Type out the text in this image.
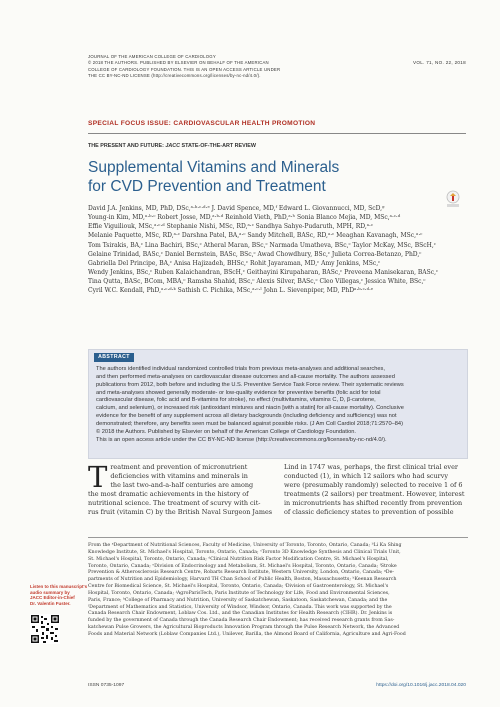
JOURNAL OF THE AMERICAN COLLEGE OF CARDIOLOGY
© 2018 THE AUTHORS. PUBLISHED BY ELSEVIER ON BEHALF OF THE AMERICAN
COLLEGE OF CARDIOLOGY FOUNDATION. THIS IS AN OPEN ACCESS ARTICLE UNDER
THE CC BY-NC-ND LICENSE (http://creativecommons.org/licenses/by-nc-nd/4.0/).
VOL. 71, NO. 22, 2018
SPECIAL FOCUS ISSUE: CARDIOVASCULAR HEALTH PROMOTION
THE PRESENT AND FUTURE: JACC STATE-OF-THE-ART REVIEW
Supplemental Vitamins and Minerals
for CVD Prevention and Treatment
David J.A. Jenkins, MD, PhD, DSc,ᵃ·ᵇ·ᶜ·ᵈ·ᵉ J. David Spence, MD,ᶠ Edward L. Giovannucci, MD, ScD,ᵍ
Young-in Kim, MD,ᵃ·ᵇ·ᶜ Robert Josse, MD,ᵃ·ᵇ·ᵈ Reinhold Vieth, PhD,ᵃ·ʰ Sonia Blanco Mejia, MD, MSc,ᵃ·ᶜ·ᵈ
Effie Viguiliouk, MSc,ᵃ·ᶜ·ᵈ Stephanie Nishi, MSc, RD,ᵃ·ᶜ Sandhya Sahye-Pudaruth, MPH, RD,ᵃ·ᶜ
Melanie Paquette, MSc, RD,ᵃ·ᶜ Darshna Patel, BA,ᵃ·ᶜ Sandy Mitchell, BASc, RD,ᵃ·ᶜ Meaghan Kavanagh, MSc,ᵃ·ᶜ
Tom Tsirakis, BA,ᶜ Lina Bachiri, BSc,ᶜ Atheral Maran, BSc,ᶜ Narmada Umatheva, BSc,ᶜ Taylor McKay, MSc, BScH,ᶜ
Gelaine Trinidad, BASc,ᶜ Daniel Bernstein, BASc, BSc,ᶜ Awad Chowdhury, BSc,ᶜ Julieta Correa-Betanzo, PhD,ᶜ
Gabriella Del Principe, BA,ᶜ Anisa Hajizadeh, BHSc,ᶜ Rohit Jayaraman, MD,ᶜ Amy Jenkins, MSc,ᶜ
Wendy Jenkins, BSc,ᶜ Ruben Kalaichandran, BScH,ᶜ Geithayini Kirupaharan, BASc,ᶜ Preveena Manisekaran, BASc,ᶜ
Tina Qutta, BASc, BCom, MBA,ᶜ Ramsha Shahid, BSc,ᶜ Alexis Silver, BASc,ᶜ Cleo Villegas,ᶜ Jessica White, BSc,ᶜ
Cyril W.C. Kendall, PhD,ᵃ·ᶜ·ᵈ·ᵏ Sathish C. Pichika, MSc,ᵃ·ᶜ·ˡ John L. Sievenpiper, MD, PhDᵃ·ᵇ·ᶜ·ᵈ·ᵉ
ABSTRACT
The authors identified individual randomized controlled trials from previous meta-analyses and additional searches,
and then performed meta-analyses on cardiovascular disease outcomes and all-cause mortality. The authors assessed
publications from 2012, both before and including the U.S. Preventive Service Task Force review. Their systematic reviews
and meta-analyses showed generally moderate- or low-quality evidence for preventive benefits (folic acid for total
cardiovascular disease, folic acid and B-vitamins for stroke), no effect (multivitamins, vitamins C, D, β-carotene,
calcium, and selenium), or increased risk (antioxidant mixtures and niacin [with a statin] for all-cause mortality). Conclusive
evidence for the benefit of any supplement across all dietary backgrounds (including deficiency and sufficiency) was not
demonstrated; therefore, any benefits seen must be balanced against possible risks. (J Am Coll Cardiol 2018;71:2570–84)
© 2018 the Authors. Published by Elsevier on behalf of the American College of Cardiology Foundation.
This is an open access article under the CC BY-NC-ND license (http://creativecommons.org/licenses/by-nc-nd/4.0/).
T reatment and prevention of micronutrient
deficiencies with vitamins and minerals in
the last two-and-a-half centuries are among
the most dramatic achievements in the history of
nutritional science. The treatment of scurvy with cit-
rus fruit (vitamin C) by the British Naval Surgeon James
Lind in 1747 was, perhaps, the first clinical trial ever
conducted (1), in which 12 sailors who had scurvy
were (presumably randomly) selected to receive 1 of 6
treatments (2 sailors) per treatment. However, interest
in micronutrients has shifted recently from prevention
of classic deficiency states to prevention of possible
From the ᵃDepartment of Nutritional Sciences, Faculty of Medicine, University of Toronto, Toronto, Ontario, Canada; ᵇLi Ka Shing
Knowledge Institute, St. Michael's Hospital, Toronto, Ontario, Canada; ᶜToronto 3D Knowledge Synthesis and Clinical Trials Unit,
St. Michael's Hospital, Toronto, Ontario, Canada; ᵈClinical Nutrition Risk Factor Modification Centre, St. Michael's Hospital,
Toronto, Ontario, Canada; ᵉDivision of Endocrinology and Metabolism, St. Michael's Hospital, Toronto, Ontario, Canada; ᶠStroke
Prevention & Atherosclerosis Research Centre, Robarts Research Institute, Western University, London, Ontario, Canada; ᵍDe-
partments of Nutrition and Epidemiology, Harvard TH Chan School of Public Health, Boston, Massachusetts; ʰKeenan Research
Centre for Biomedical Science, St. Michael's Hospital, Toronto, Ontario, Canada; ⁱDivision of Gastroenterology, St. Michael's
Hospital, Toronto, Ontario, Canada; ʲAgroParisTech, Paris Institute of Technology for Life, Food and Environmental Sciences,
Paris, France; ᵏCollege of Pharmacy and Nutrition, University of Saskatchewan, Saskatoon, Saskatchewan, Canada; and the
ˡDepartment of Mathematics and Statistics, University of Windsor, Windsor, Ontario, Canada. This work was supported by the
Canada Research Chair Endowment, Loblaw Cos. Ltd., and the Canadian Institutes for Health Research (CIHR). Dr. Jenkins is
funded by the government of Canada through the Canada Research Chair Endowment; has received research grants from Sas-
katchewan Pulse Growers, the Agricultural Bioproducts Innovation Program through the Pulse Research Network, the Advanced
Foods and Material Network (Loblaw Companies Ltd.), Unilever, Barilla, the Almond Board of California, Agriculture and Agri-Food
Listen to this manuscript's
audio summary by
JACC Editor-in-Chief
Dr. Valentin Fuster.
ISSN 0735-1097	https://doi.org/10.1016/j.jacc.2018.04.020
